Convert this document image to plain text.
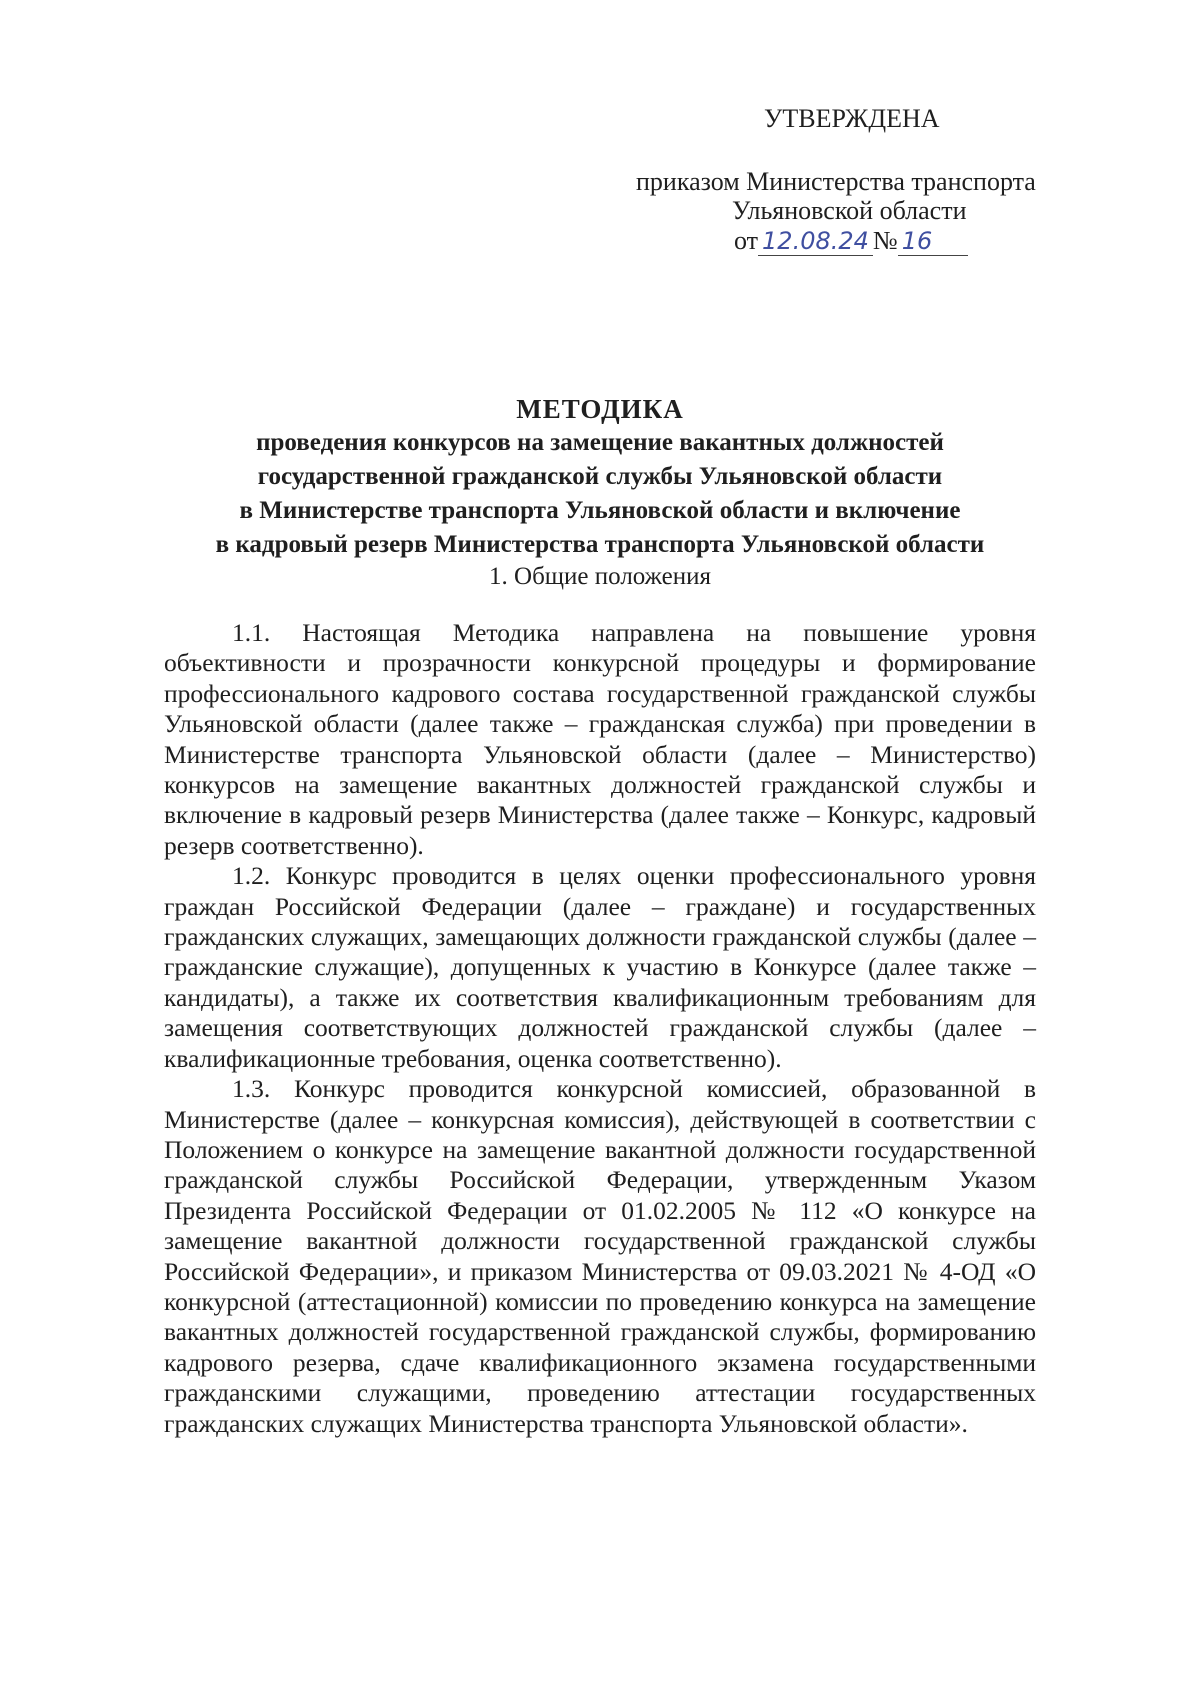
УТВЕРЖДЕНА
приказом Министерства транспорта
Ульяновской области
от 12.08.24 № 16
МЕТОДИКА
проведения конкурсов на замещение вакантных должностей
государственной гражданской службы Ульяновской области
в Министерстве транспорта Ульяновской области и включение
в кадровый резерв Министерства транспорта Ульяновской области
1. Общие положения

1.1. Настоящая Методика направлена на повышение уровня объективности и прозрачности конкурсной процедуры и формирование профессионального кадрового состава государственной гражданской службы Ульяновской области (далее также – гражданская служба) при проведении в Министерстве транспорта Ульяновской области (далее – Министерство) конкурсов на замещение вакантных должностей гражданской службы и включение в кадровый резерв Министерства (далее также – Конкурс, кадровый резерв соответственно).

1.2. Конкурс проводится в целях оценки профессионального уровня граждан Российской Федерации (далее – граждане) и государственных гражданских служащих, замещающих должности гражданской службы (далее – гражданские служащие), допущенных к участию в Конкурсе (далее также – кандидаты), а также их соответствия квалификационным требованиям для замещения соответствующих должностей гражданской службы (далее – квалификационные требования, оценка соответственно).

1.3. Конкурс проводится конкурсной комиссией, образованной в Министерстве (далее – конкурсная комиссия), действующей в соответствии с Положением о конкурсе на замещение вакантной должности государственной гражданской службы Российской Федерации, утвержденным Указом Президента Российской Федерации от 01.02.2005 № 112 «О конкурсе на замещение вакантной должности государственной гражданской службы Российской Федерации», и приказом Министерства от 09.03.2021 № 4-ОД «О конкурсной (аттестационной) комиссии по проведению конкурса на замещение вакантных должностей государственной гражданской службы, формированию кадрового резерва, сдаче квалификационного экзамена государственными гражданскими служащими, проведению аттестации государственных гражданских служащих Министерства транспорта Ульяновской области».
